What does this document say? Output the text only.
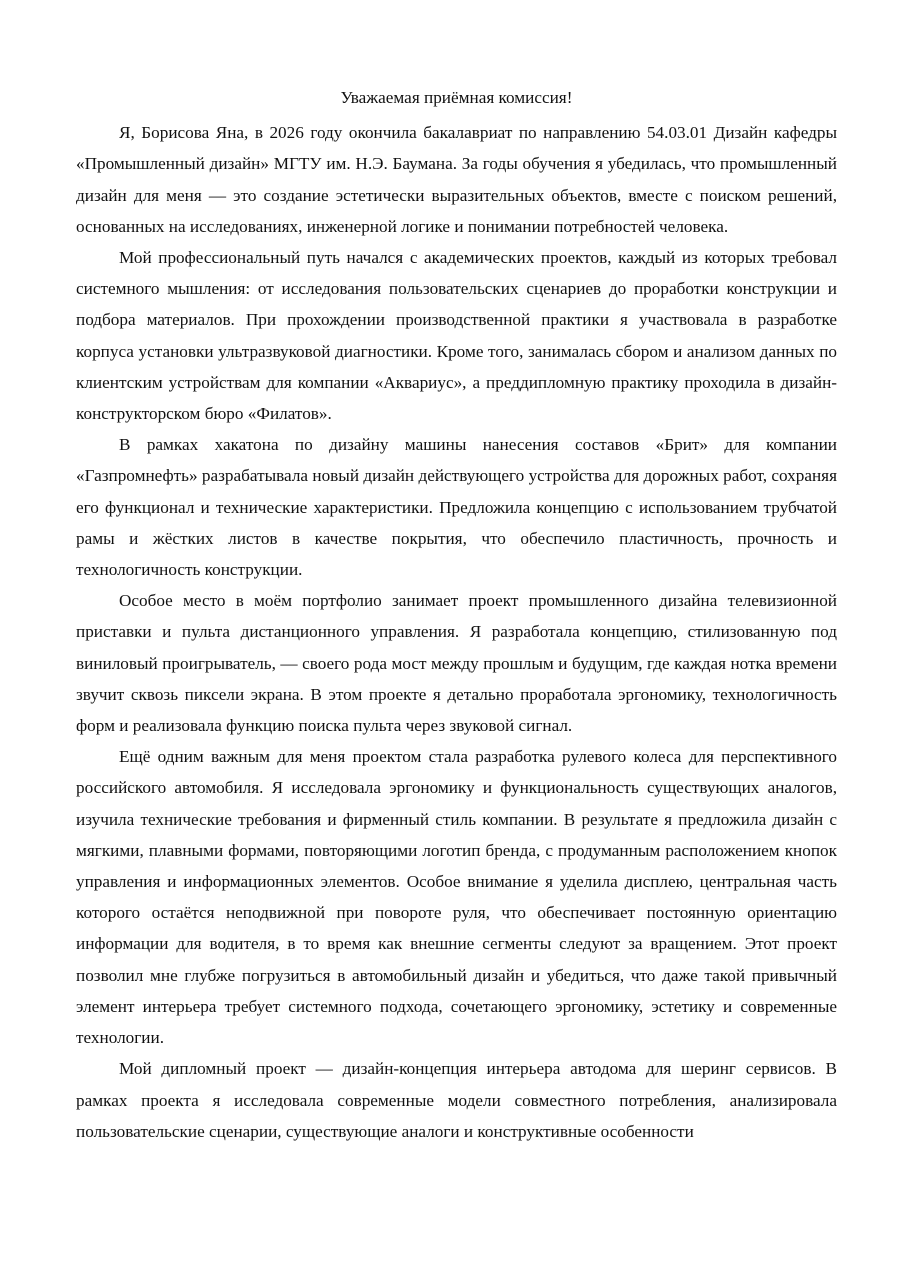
Уважаемая приёмная комиссия!

Я, Борисова Яна, в 2026 году окончила бакалавриат по направлению 54.03.01 Дизайн кафедры «Промышленный дизайн» МГТУ им. Н.Э. Баумана. За годы обучения я убедилась, что промышленный дизайн для меня — это создание эстетически выразительных объектов, вместе с поиском решений, основанных на исследованиях, инженерной логике и понимании потребностей человека.

Мой профессиональный путь начался с академических проектов, каждый из которых требовал системного мышления: от исследования пользовательских сценариев до проработки конструкции и подбора материалов. При прохождении производственной практики я участвовала в разработке корпуса установки ультразвуковой диагностики. Кроме того, занималась сбором и анализом данных по клиентским устройствам для компании «Аквариус», а преддипломную практику проходила в дизайн-конструкторском бюро «Филатов».

В рамках хакатона по дизайну машины нанесения составов «Брит» для компании «Газпромнефть» разрабатывала новый дизайн действующего устройства для дорожных работ, сохраняя его функционал и технические характеристики. Предложила концепцию с использованием трубчатой рамы и жёстких листов в качестве покрытия, что обеспечило пластичность, прочность и технологичность конструкции.

Особое место в моём портфолио занимает проект промышленного дизайна телевизионной приставки и пульта дистанционного управления. Я разработала концепцию, стилизованную под виниловый проигрыватель, — своего рода мост между прошлым и будущим, где каждая нотка времени звучит сквозь пиксели экрана. В этом проекте я детально проработала эргономику, технологичность форм и реализовала функцию поиска пульта через звуковой сигнал.

Ещё одним важным для меня проектом стала разработка рулевого колеса для перспективного российского автомобиля. Я исследовала эргономику и функциональность существующих аналогов, изучила технические требования и фирменный стиль компании. В результате я предложила дизайн с мягкими, плавными формами, повторяющими логотип бренда, с продуманным расположением кнопок управления и информационных элементов. Особое внимание я уделила дисплею, центральная часть которого остаётся неподвижной при повороте руля, что обеспечивает постоянную ориентацию информации для водителя, в то время как внешние сегменты следуют за вращением. Этот проект позволил мне глубже погрузиться в автомобильный дизайн и убедиться, что даже такой привычный элемент интерьера требует системного подхода, сочетающего эргономику, эстетику и современные технологии.

Мой дипломный проект — дизайн-концепция интерьера автодома для шеринг сервисов. В рамках проекта я исследовала современные модели совместного потребления, анализировала пользовательские сценарии, существующие аналоги и конструктивные особенности
